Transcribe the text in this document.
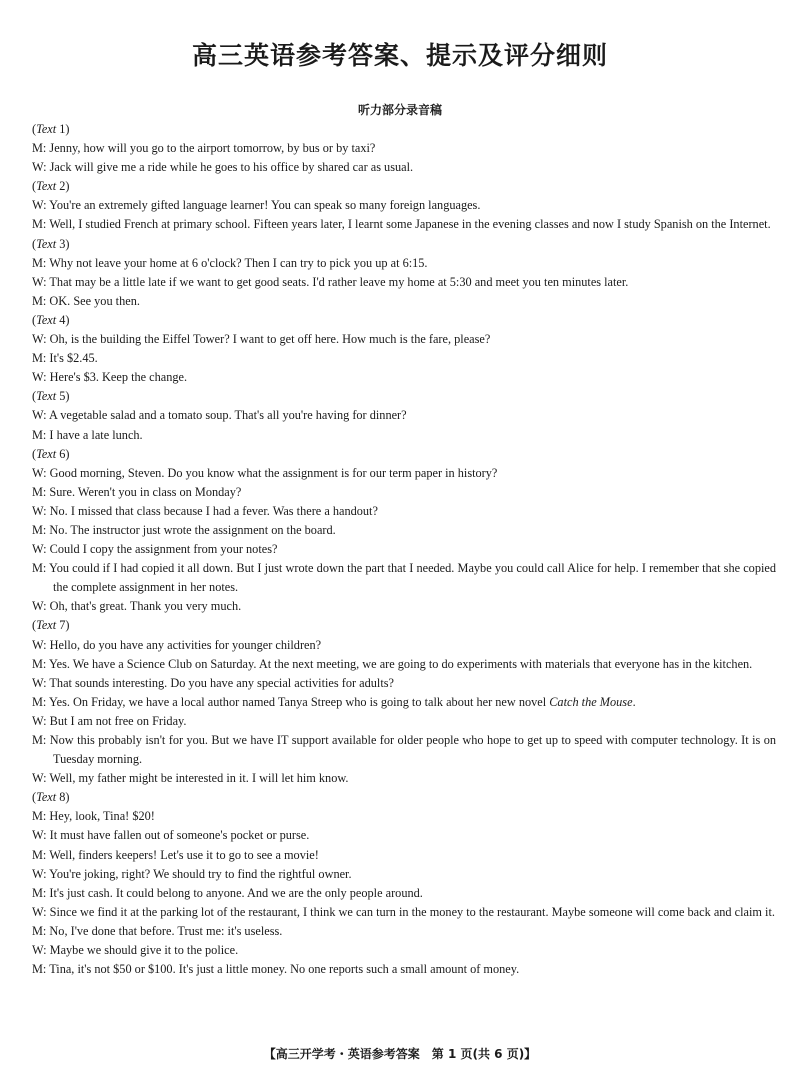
高三英语参考答案、提示及评分细则
听力部分录音稿
(Text 1)
M: Jenny, how will you go to the airport tomorrow, by bus or by taxi?
W: Jack will give me a ride while he goes to his office by shared car as usual.
(Text 2)
W: You're an extremely gifted language learner! You can speak so many foreign languages.
M: Well, I studied French at primary school. Fifteen years later, I learnt some Japanese in the evening classes and now I study Spanish on the Internet.
(Text 3)
M: Why not leave your home at 6 o'clock? Then I can try to pick you up at 6:15.
W: That may be a little late if we want to get good seats. I'd rather leave my home at 5:30 and meet you ten minutes later.
M: OK. See you then.
(Text 4)
W: Oh, is the building the Eiffel Tower? I want to get off here. How much is the fare, please?
M: It's $2.45.
W: Here's $3. Keep the change.
(Text 5)
W: A vegetable salad and a tomato soup. That's all you're having for dinner?
M: I have a late lunch.
(Text 6)
W: Good morning, Steven. Do you know what the assignment is for our term paper in history?
M: Sure. Weren't you in class on Monday?
W: No. I missed that class because I had a fever. Was there a handout?
M: No. The instructor just wrote the assignment on the board.
W: Could I copy the assignment from your notes?
M: You could if I had copied it all down. But I just wrote down the part that I needed. Maybe you could call Alice for help. I remember that she copied the complete assignment in her notes.
W: Oh, that's great. Thank you very much.
(Text 7)
W: Hello, do you have any activities for younger children?
M: Yes. We have a Science Club on Saturday. At the next meeting, we are going to do experiments with materials that everyone has in the kitchen.
W: That sounds interesting. Do you have any special activities for adults?
M: Yes. On Friday, we have a local author named Tanya Streep who is going to talk about her new novel Catch the Mouse.
W: But I am not free on Friday.
M: Now this probably isn't for you. But we have IT support available for older people who hope to get up to speed with computer technology. It is on Tuesday morning.
W: Well, my father might be interested in it. I will let him know.
(Text 8)
M: Hey, look, Tina! $20!
W: It must have fallen out of someone's pocket or purse.
M: Well, finders keepers! Let's use it to go to see a movie!
W: You're joking, right? We should try to find the rightful owner.
M: It's just cash. It could belong to anyone. And we are the only people around.
W: Since we find it at the parking lot of the restaurant, I think we can turn in the money to the restaurant. Maybe someone will come back and claim it.
M: No, I've done that before. Trust me: it's useless.
W: Maybe we should give it to the police.
M: Tina, it's not $50 or $100. It's just a little money. No one reports such a small amount of money.
【高三开学考・英语参考答案　第 1 页(共 6 页)】
